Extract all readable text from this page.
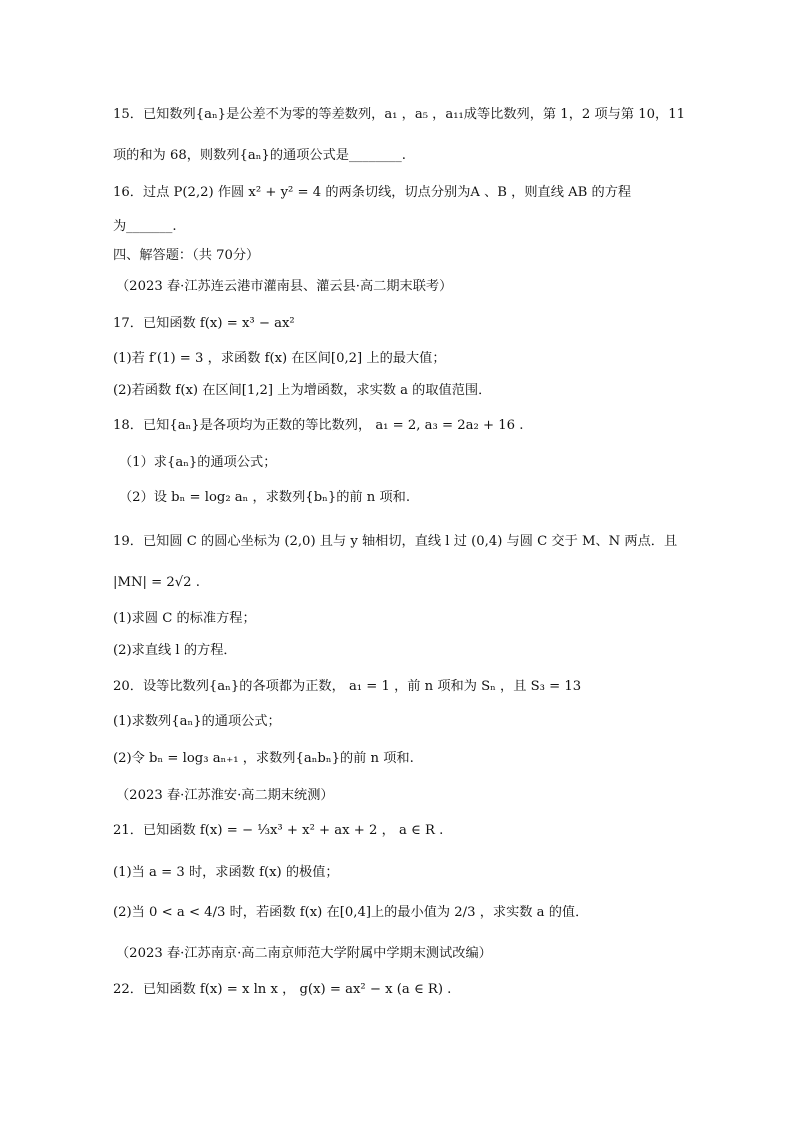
15．已知数列{aₙ}是公差不为零的等差数列，a₁ ，a₅ ，a₁₁成等比数列，第 1，2 项与第 10，11
项的和为 68，则数列{aₙ}的通项公式是________.
16．过点 P(2,2) 作圆 x² + y² = 4 的两条切线，切点分别为A 、B ，则直线 AB 的方程
为_______.
四、解答题：（共 70分）
（2023 春·江苏连云港市灌南县、灌云县·高二期末联考）
17．已知函数 f(x) = x³ − ax²
(1)若 f′(1) = 3 ，求函数 f(x) 在区间[0,2] 上的最大值；
(2)若函数 f(x) 在区间[1,2] 上为增函数，求实数 a 的取值范围．
18．已知{aₙ}是各项均为正数的等比数列， a₁ = 2, a₃ = 2a₂ + 16 .
（1）求{aₙ}的通项公式；
（2）设 bₙ = log₂ aₙ ，求数列{bₙ}的前 n 项和.
19．已知圆 C 的圆心坐标为 (2,0) 且与 y 轴相切，直线 l 过 (0,4) 与圆 C 交于 M、N 两点．且
|MN| = 2√2 .
(1)求圆 C 的标准方程；
(2)求直线 l 的方程．
20．设等比数列{aₙ}的各项都为正数， a₁ = 1 ，前 n 项和为 Sₙ ，且 S₃ = 13
(1)求数列{aₙ}的通项公式；
(2)令 bₙ = log₃ aₙ₊₁ ，求数列{aₙbₙ}的前 n 项和.
（2023 春·江苏淮安·高二期末统测）
21．已知函数 f(x) = − ⅓x³ + x² + ax + 2 ， a ∈ R .
(1)当 a = 3 时，求函数 f(x) 的极值；
(2)当 0 < a < 4/3 时，若函数 f(x) 在[0,4]上的最小值为 2/3 ，求实数 a 的值．
（2023 春·江苏南京·高二南京师范大学附属中学期末测试改编）
22．已知函数 f(x) = x ln x ， g(x) = ax² − x (a ∈ R) .
